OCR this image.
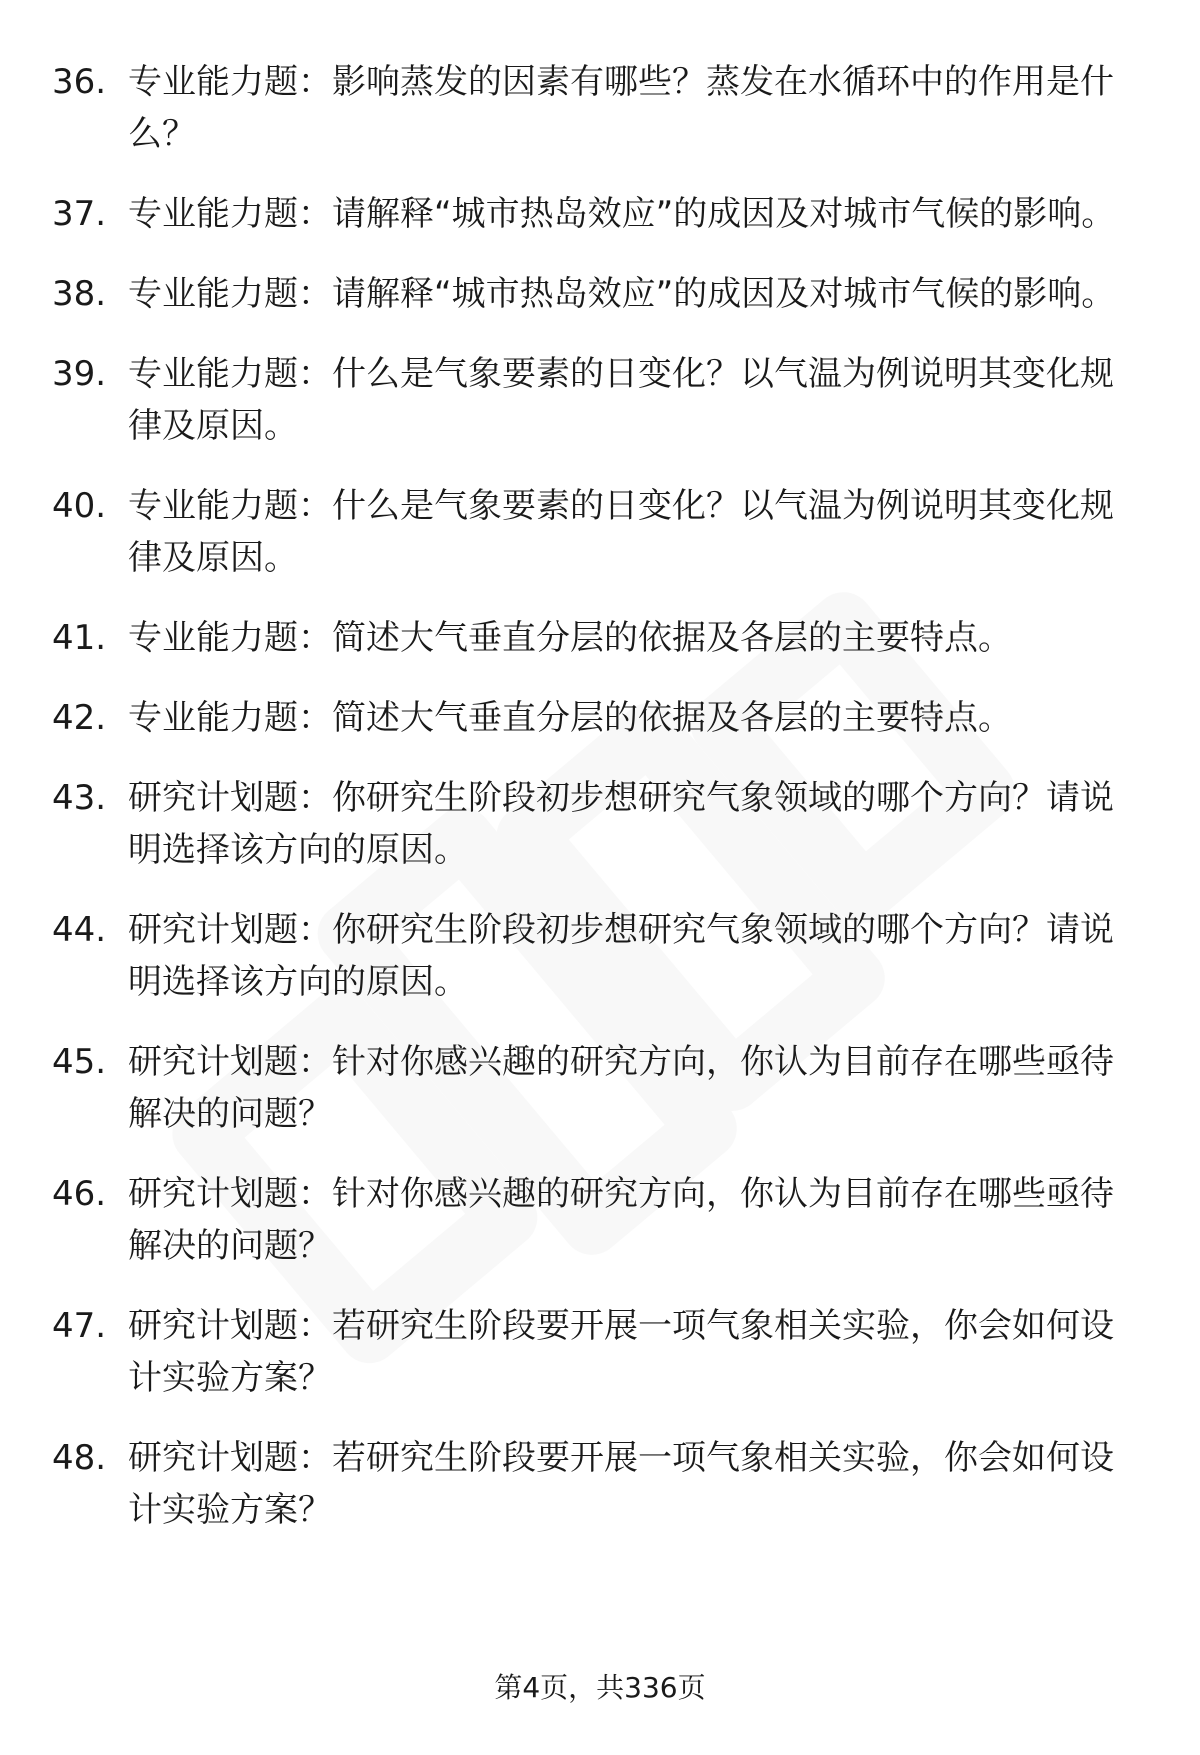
36. 专业能力题：影响蒸发的因素有哪些？蒸发在水循环中的作用是什么？
37. 专业能力题：请解释“城市热岛效应”的成因及对城市气候的影响。
38. 专业能力题：请解释“城市热岛效应”的成因及对城市气候的影响。
39. 专业能力题：什么是气象要素的日变化？以气温为例说明其变化规律及原因。
40. 专业能力题：什么是气象要素的日变化？以气温为例说明其变化规律及原因。
41. 专业能力题：简述大气垂直分层的依据及各层的主要特点。
42. 专业能力题：简述大气垂直分层的依据及各层的主要特点。
43. 研究计划题：你研究生阶段初步想研究气象领域的哪个方向？请说明选择该方向的原因。
44. 研究计划题：你研究生阶段初步想研究气象领域的哪个方向？请说明选择该方向的原因。
45. 研究计划题：针对你感兴趣的研究方向，你认为目前存在哪些亟待解决的问题？
46. 研究计划题：针对你感兴趣的研究方向，你认为目前存在哪些亟待解决的问题？
47. 研究计划题：若研究生阶段要开展一项气象相关实验，你会如何设计实验方案？
48. 研究计划题：若研究生阶段要开展一项气象相关实验，你会如何设计实验方案？
第4页，共336页
